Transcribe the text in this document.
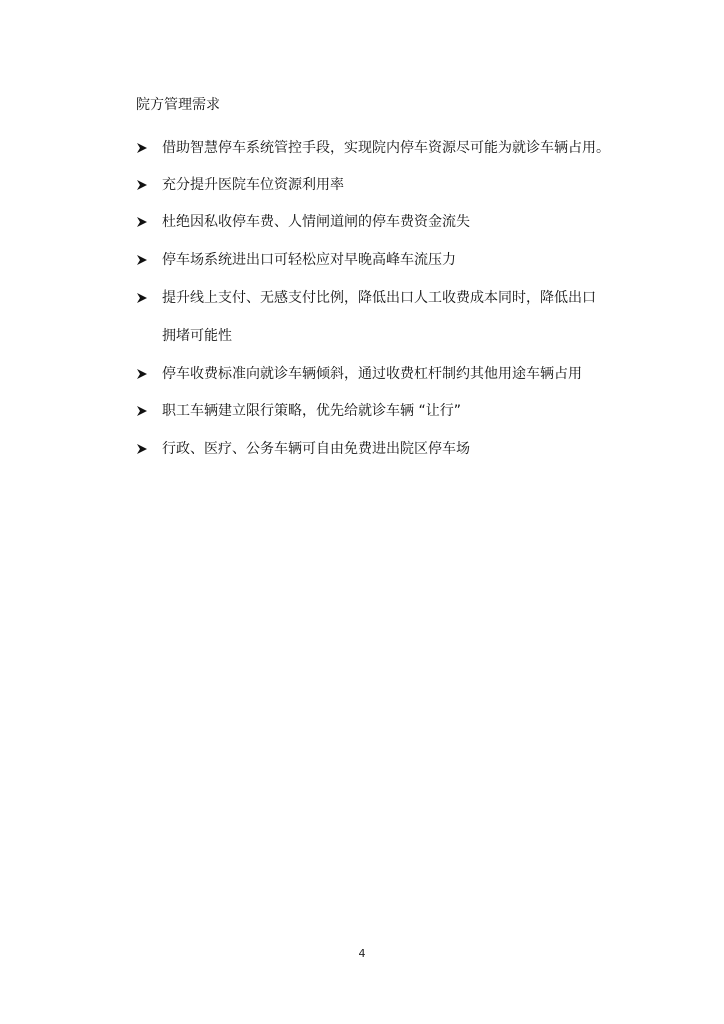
院方管理需求
借助智慧停车系统管控手段，实现院内停车资源尽可能为就诊车辆占用。
充分提升医院车位资源利用率
杜绝因私收停车费、人情闸道闸的停车费资金流失
停车场系统进出口可轻松应对早晚高峰车流压力
提升线上支付、无感支付比例，降低出口人工收费成本同时，降低出口
拥堵可能性
停车收费标准向就诊车辆倾斜，通过收费杠杆制约其他用途车辆占用
职工车辆建立限行策略，优先给就诊车辆 “让行”
行政、医疗、公务车辆可自由免费进出院区停车场
4
